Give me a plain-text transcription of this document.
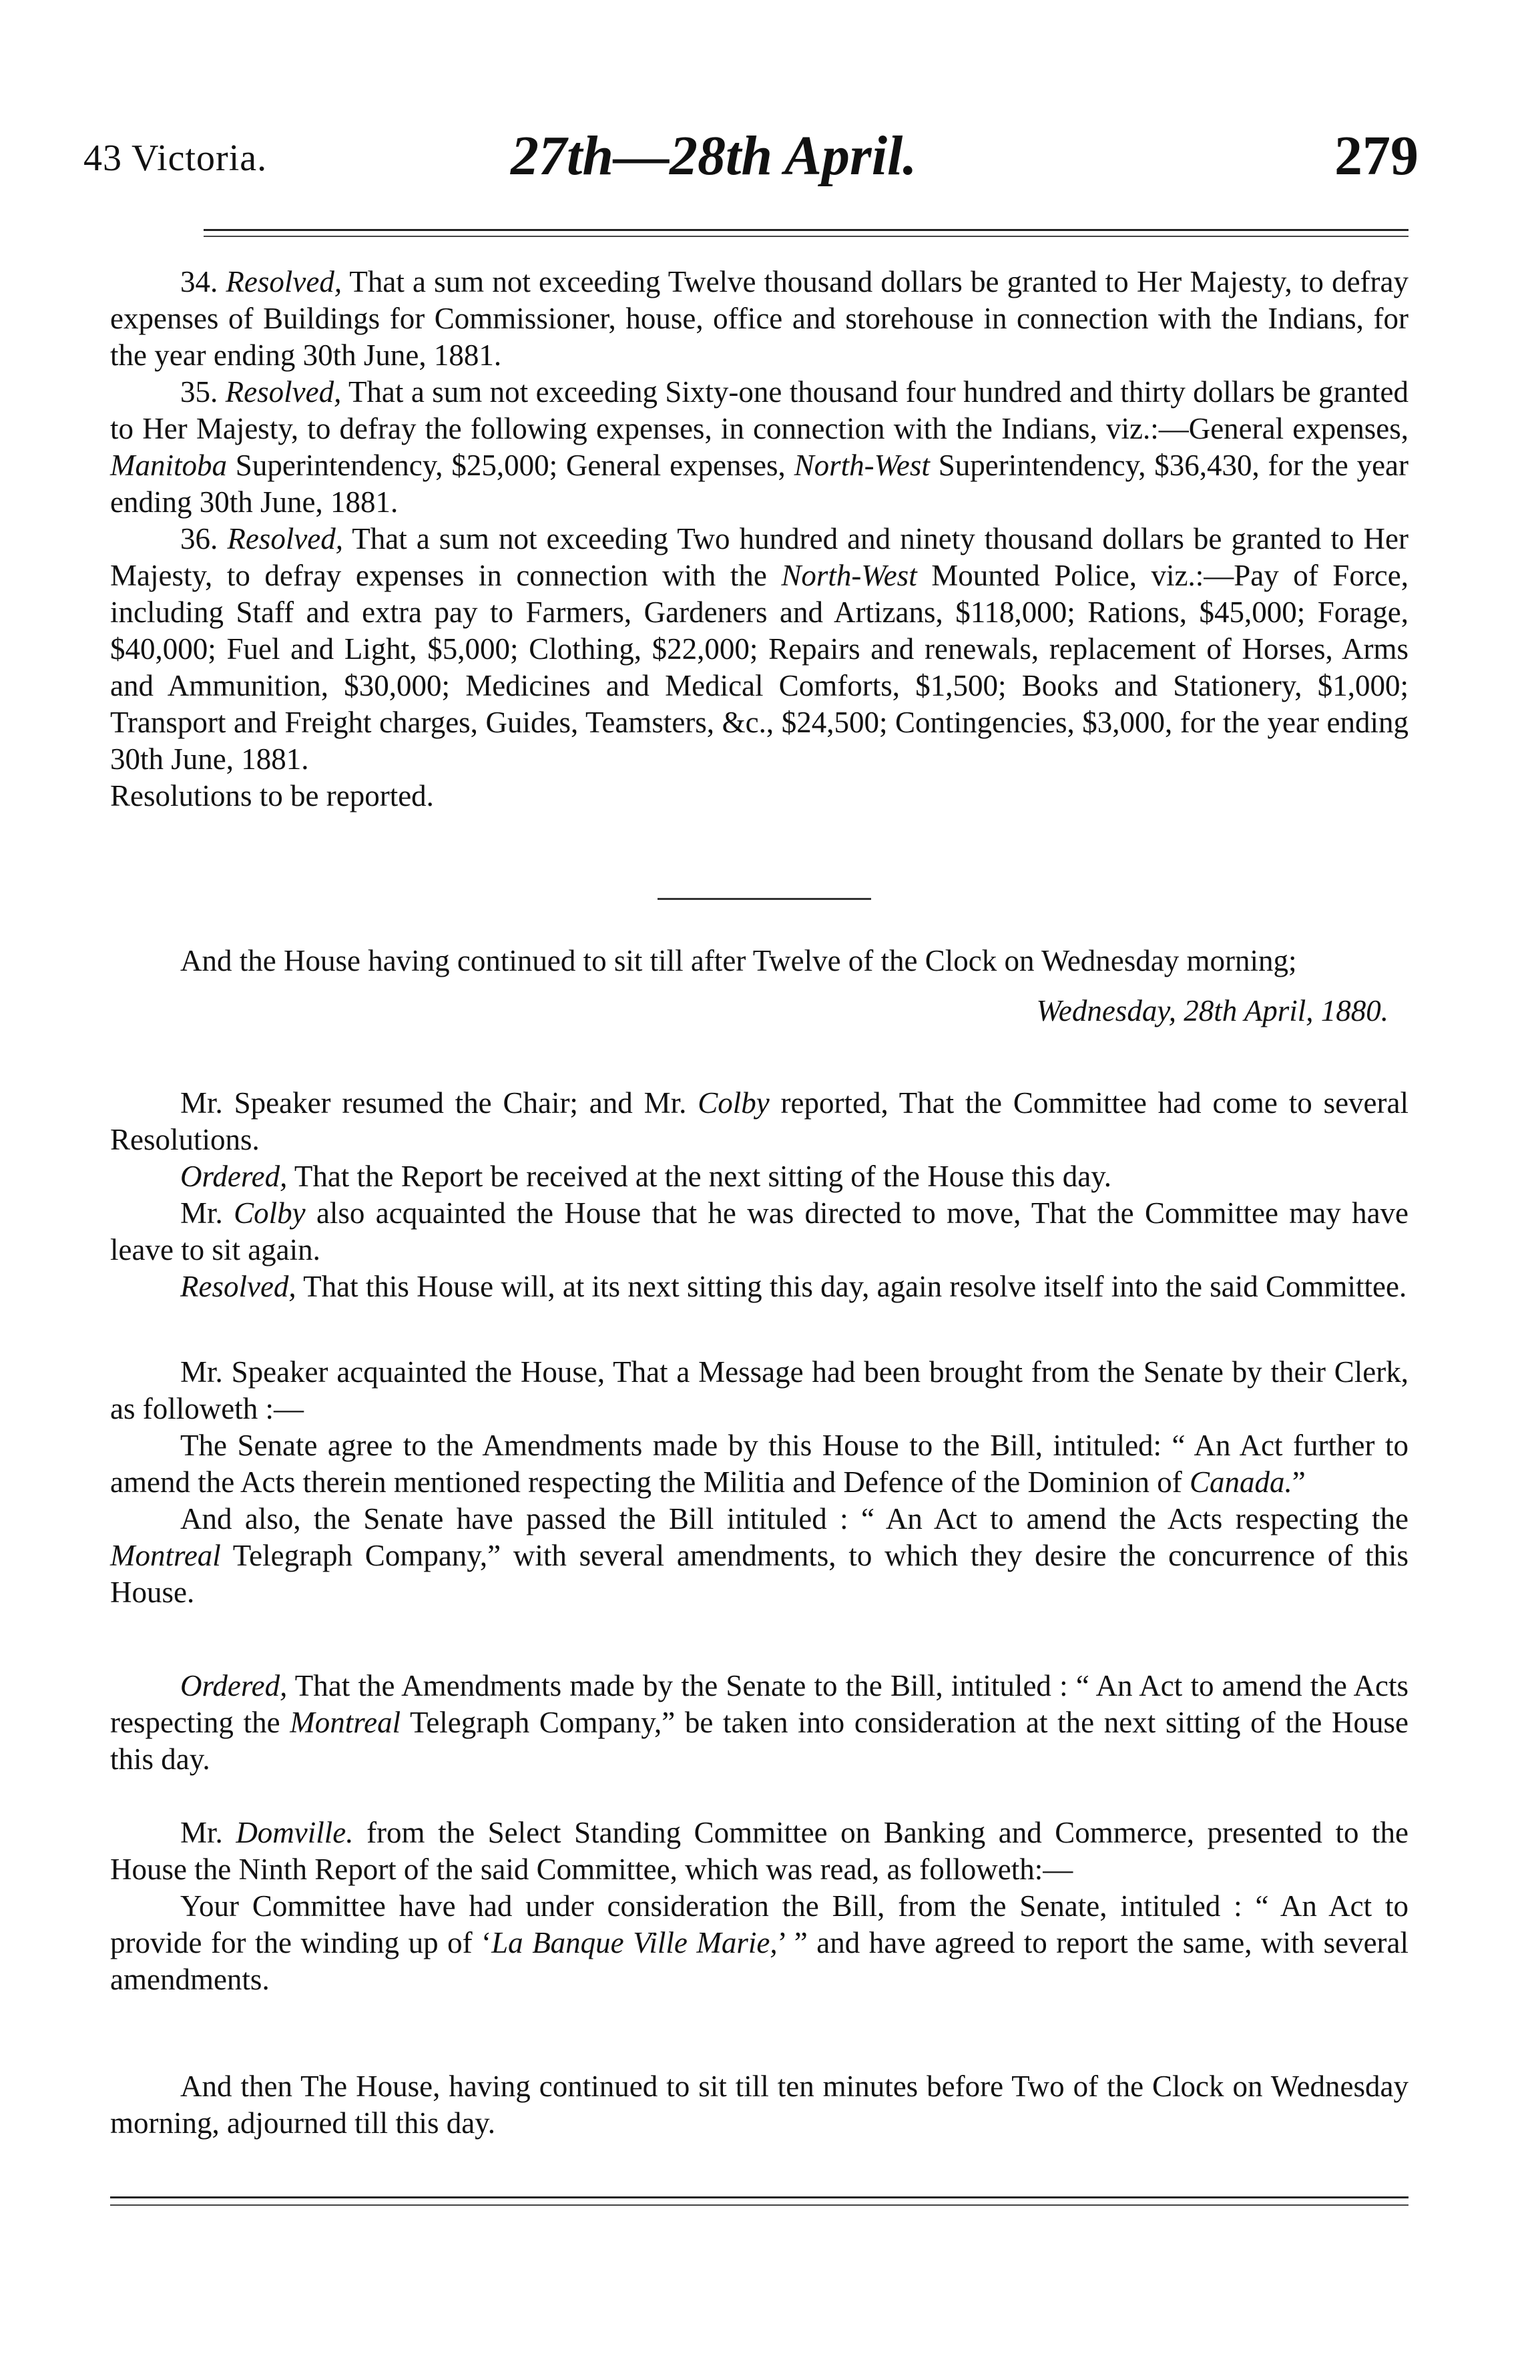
43 Victoria.	27th—28th April.	279

34. Resolved, That a sum not exceeding Twelve thousand dollars be granted to Her Majesty, to defray expenses of Buildings for Commissioner, house, office and storehouse in connection with the Indians, for the year ending 30th June, 1881.

35. Resolved, That a sum not exceeding Sixty-one thousand four hundred and thirty dollars be granted to Her Majesty, to defray the following expenses, in connection with the Indians, viz.:—General expenses, Manitoba Superintendency, $25,000; General expenses, North-West Superintendency, $36,430, for the year ending 30th June, 1881.

36. Resolved, That a sum not exceeding Two hundred and ninety thousand dollars be granted to Her Majesty, to defray expenses in connection with the North-West Mounted Police, viz.:—Pay of Force, including Staff and extra pay to Farmers, Gardeners and Artizans, $118,000; Rations, $45,000; Forage, $40,000; Fuel and Light, $5,000; Clothing, $22,000; Repairs and renewals, replacement of Horses, Arms and Ammunition, $30,000; Medicines and Medical Comforts, $1,500; Books and Stationery, $1,000; Transport and Freight charges, Guides, Teamsters, &c., $24,500; Contingencies, $3,000, for the year ending 30th June, 1881.

Resolutions to be reported.

And the House having continued to sit till after Twelve of the Clock on Wednesday morning;

Wednesday, 28th April, 1880.

Mr. Speaker resumed the Chair; and Mr. Colby reported, That the Committee had come to several Resolutions.

Ordered, That the Report be received at the next sitting of the House this day.

Mr. Colby also acquainted the House that he was directed to move, That the Committee may have leave to sit again.

Resolved, That this House will, at its next sitting this day, again resolve itself into the said Committee.

Mr. Speaker acquainted the House, That a Message had been brought from the Senate by their Clerk, as followeth :—

The Senate agree to the Amendments made by this House to the Bill, intituled: “ An Act further to amend the Acts therein mentioned respecting the Militia and Defence of the Dominion of Canada.”

And also, the Senate have passed the Bill intituled : “ An Act to amend the Acts respecting the Montreal Telegraph Company,” with several amendments, to which they desire the concurrence of this House.

Ordered, That the Amendments made by the Senate to the Bill, intituled : “ An Act to amend the Acts respecting the Montreal Telegraph Company,” be taken into consideration at the next sitting of the House this day.

Mr. Domville. from the Select Standing Committee on Banking and Commerce, presented to the House the Ninth Report of the said Committee, which was read, as followeth:—

Your Committee have had under consideration the Bill, from the Senate, intituled : “ An Act to provide for the winding up of ‘La Banque Ville Marie,’ ” and have agreed to report the same, with several amendments.

And then The House, having continued to sit till ten minutes before Two of the Clock on Wednesday morning, adjourned till this day.
